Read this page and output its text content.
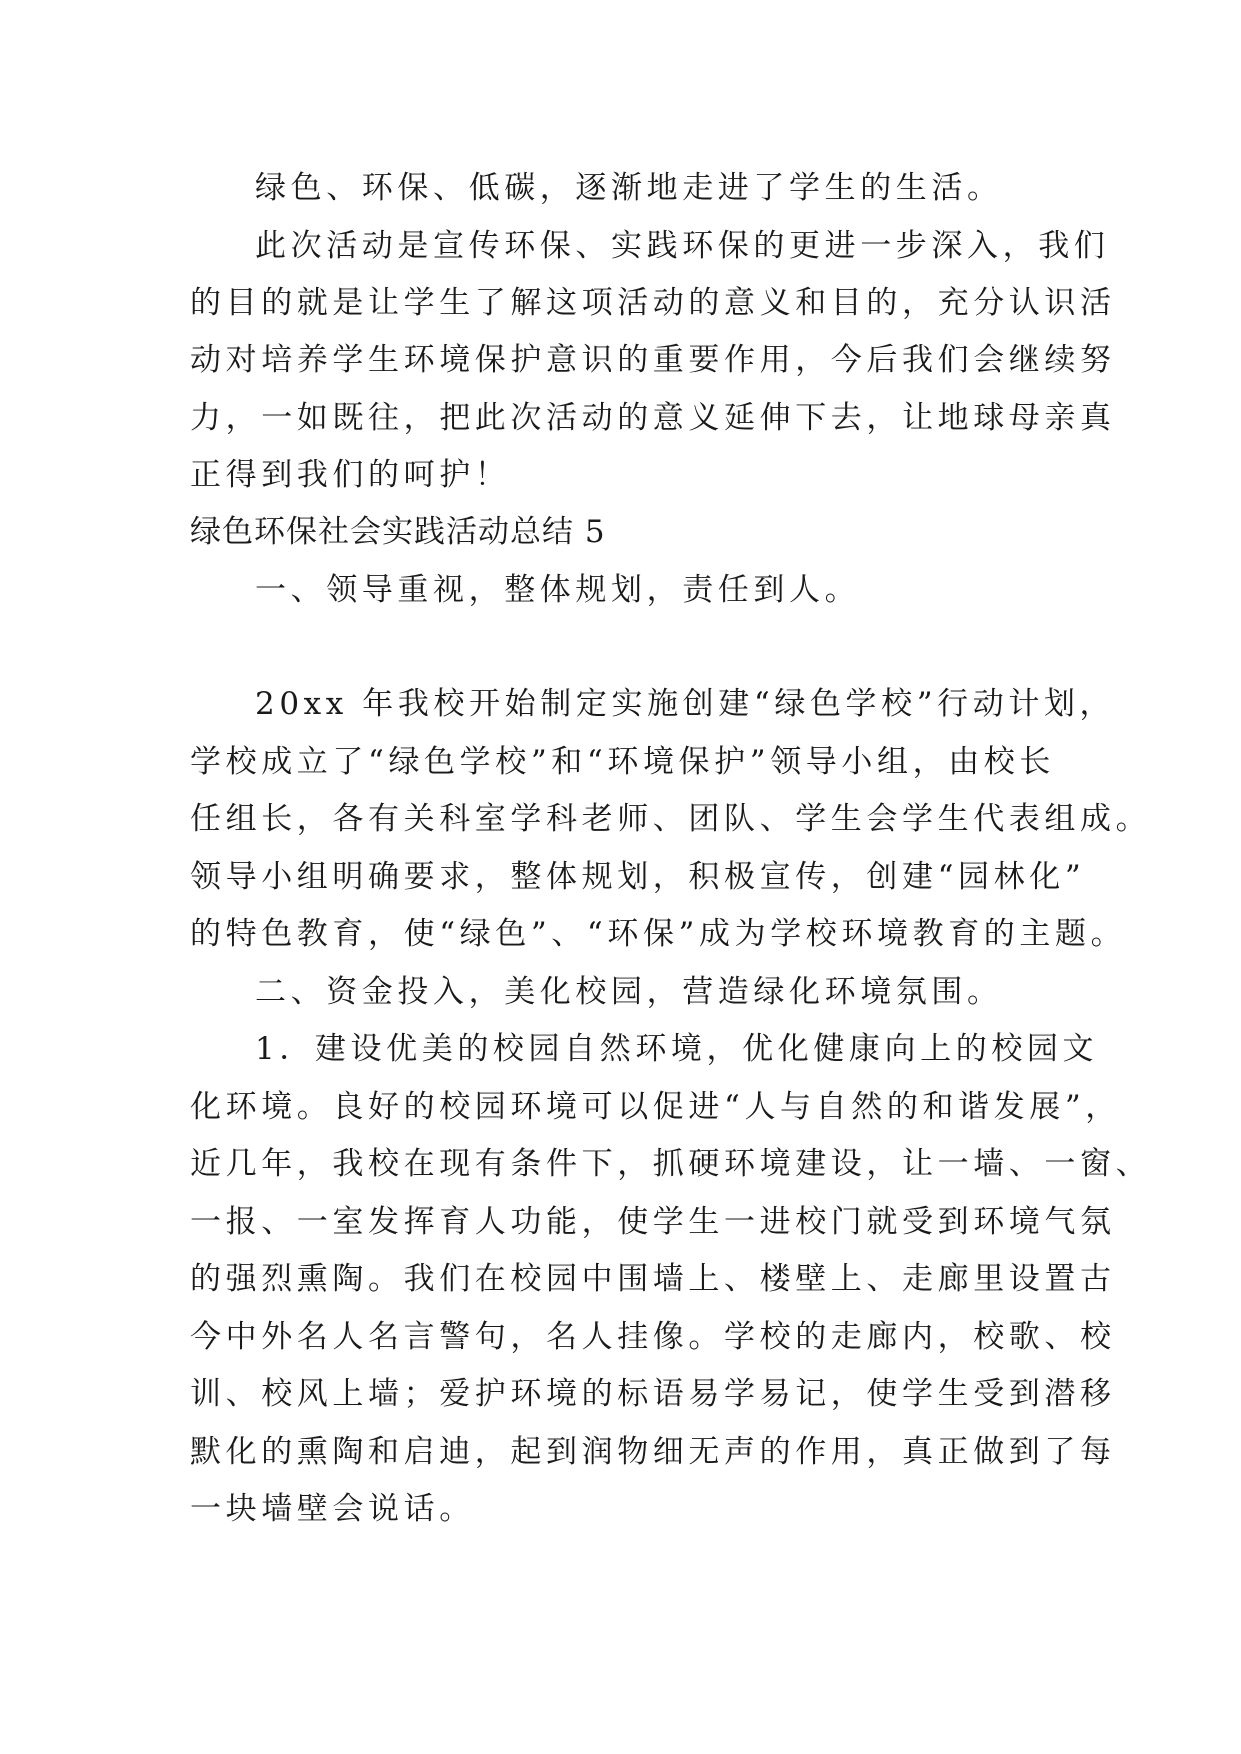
绿色、环保、低碳，逐渐地走进了学生的生活。
此次活动是宣传环保、实践环保的更进一步深入，我们
的目的就是让学生了解这项活动的意义和目的，充分认识活
动对培养学生环境保护意识的重要作用，今后我们会继续努
力，一如既往，把此次活动的意义延伸下去，让地球母亲真
正得到我们的呵护！
绿色环保社会实践活动总结 5
一、领导重视，整体规划，责任到人。
20xx 年我校开始制定实施创建“绿色学校”行动计划，
学校成立了“绿色学校”和“环境保护”领导小组，由校长
任组长，各有关科室学科老师、团队、学生会学生代表组成。
领导小组明确要求，整体规划，积极宣传，创建“园林化”
的特色教育，使“绿色”、“环保”成为学校环境教育的主题。
二、资金投入，美化校园，营造绿化环境氛围。
1．建设优美的校园自然环境，优化健康向上的校园文
化环境。良好的校园环境可以促进“人与自然的和谐发展”，
近几年，我校在现有条件下，抓硬环境建设，让一墙、一窗、
一报、一室发挥育人功能，使学生一进校门就受到环境气氛
的强烈熏陶。我们在校园中围墙上、楼壁上、走廊里设置古
今中外名人名言警句，名人挂像。学校的走廊内，校歌、校
训、校风上墙；爱护环境的标语易学易记，使学生受到潜移
默化的熏陶和启迪，起到润物细无声的作用，真正做到了每
一块墙壁会说话。
